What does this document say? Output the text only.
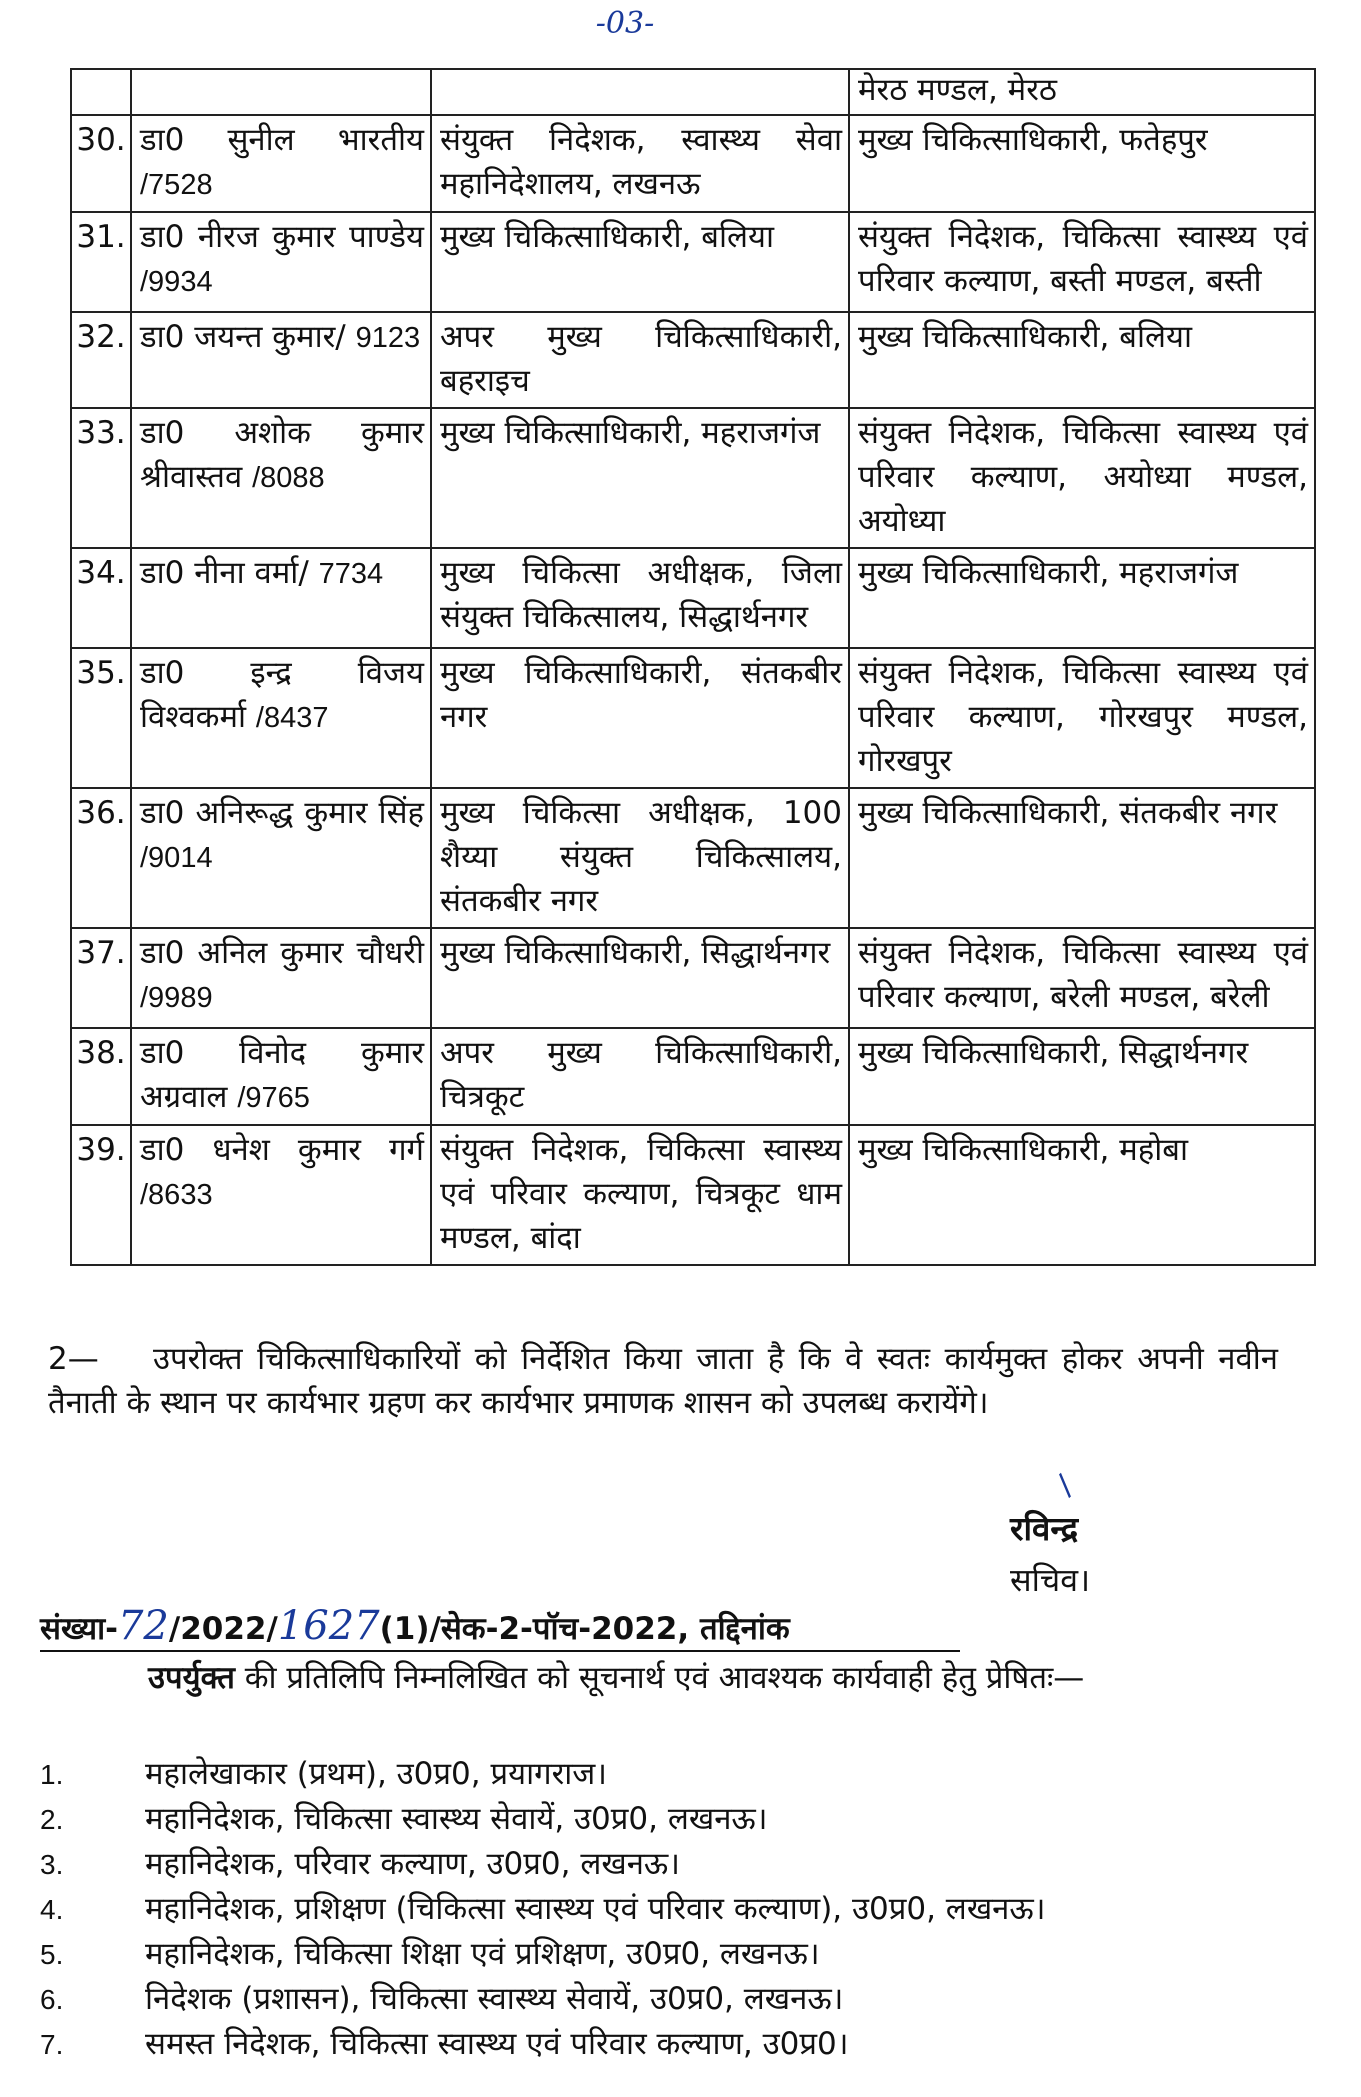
-03-
			मेरठ मण्डल, मेरठ
30.	डा0 सुनील भारतीय /7528	संयुक्त निदेशक, स्वास्थ्य सेवा महानिदेशालय, लखनऊ	मुख्य चिकित्साधिकारी, फतेहपुर
31.	डा0 नीरज कुमार पाण्डेय /9934	मुख्य चिकित्साधिकारी, बलिया	संयुक्त निदेशक, चिकित्सा स्वास्थ्य एवं परिवार कल्याण, बस्ती मण्डल, बस्ती
32.	डा0 जयन्त कुमार/ 9123	अपर मुख्य चिकित्साधिकारी, बहराइच	मुख्य चिकित्साधिकारी, बलिया
33.	डा0 अशोक कुमार श्रीवास्तव /8088	मुख्य चिकित्साधिकारी, महराजगंज	संयुक्त निदेशक, चिकित्सा स्वास्थ्य एवं परिवार कल्याण, अयोध्या मण्डल, अयोध्या
34.	डा0 नीना वर्मा/ 7734	मुख्य चिकित्सा अधीक्षक, जिला संयुक्त चिकित्सालय, सिद्धार्थनगर	मुख्य चिकित्साधिकारी, महराजगंज
35.	डा0 इन्द्र विजय विश्वकर्मा /8437	मुख्य चिकित्साधिकारी, संतकबीर नगर	संयुक्त निदेशक, चिकित्सा स्वास्थ्य एवं परिवार कल्याण, गोरखपुर मण्डल, गोरखपुर
36.	डा0 अनिरूद्ध कुमार सिंह /9014	मुख्य चिकित्सा अधीक्षक, 100 शैय्या संयुक्त चिकित्सालय, संतकबीर नगर	मुख्य चिकित्साधिकारी, संतकबीर नगर
37.	डा0 अनिल कुमार चौधरी /9989	मुख्य चिकित्साधिकारी, सिद्धार्थनगर	संयुक्त निदेशक, चिकित्सा स्वास्थ्य एवं परिवार कल्याण, बरेली मण्डल, बरेली
38.	डा0 विनोद कुमार अग्रवाल /9765	अपर मुख्य चिकित्साधिकारी, चित्रकूट	मुख्य चिकित्साधिकारी, सिद्धार्थनगर
39.	डा0 धनेश कुमार गर्ग /8633	संयुक्त निदेशक, चिकित्सा स्वास्थ्य एवं परिवार कल्याण, चित्रकूट धाम मण्डल, बांदा	मुख्य चिकित्साधिकारी, महोबा
2— उपरोक्त चिकित्साधिकारियों को निर्देशित किया जाता है कि वे स्वतः कार्यमुक्त होकर अपनी नवीन तैनाती के स्थान पर कार्यभार ग्रहण कर कार्यभार प्रमाणक शासन को उपलब्ध करायेंगे।
/
रविन्द्र
सचिव।
संख्या-72/2022/1627(1)/सेक-2-पॉच-2022, तद्दिनांक
उपर्युक्त की प्रतिलिपि निम्नलिखित को सूचनार्थ एवं आवश्यक कार्यवाही हेतु प्रेषितः—
1.	महालेखाकार (प्रथम), उ0प्र0, प्रयागराज।
2.	महानिदेशक, चिकित्सा स्वास्थ्य सेवायें, उ0प्र0, लखनऊ।
3.	महानिदेशक, परिवार कल्याण, उ0प्र0, लखनऊ।
4.	महानिदेशक, प्रशिक्षण (चिकित्सा स्वास्थ्य एवं परिवार कल्याण), उ0प्र0, लखनऊ।
5.	महानिदेशक, चिकित्सा शिक्षा एवं प्रशिक्षण, उ0प्र0, लखनऊ।
6.	निदेशक (प्रशासन), चिकित्सा स्वास्थ्य सेवायें, उ0प्र0, लखनऊ।
7.	समस्त निदेशक, चिकित्सा स्वास्थ्य एवं परिवार कल्याण, उ0प्र0।
